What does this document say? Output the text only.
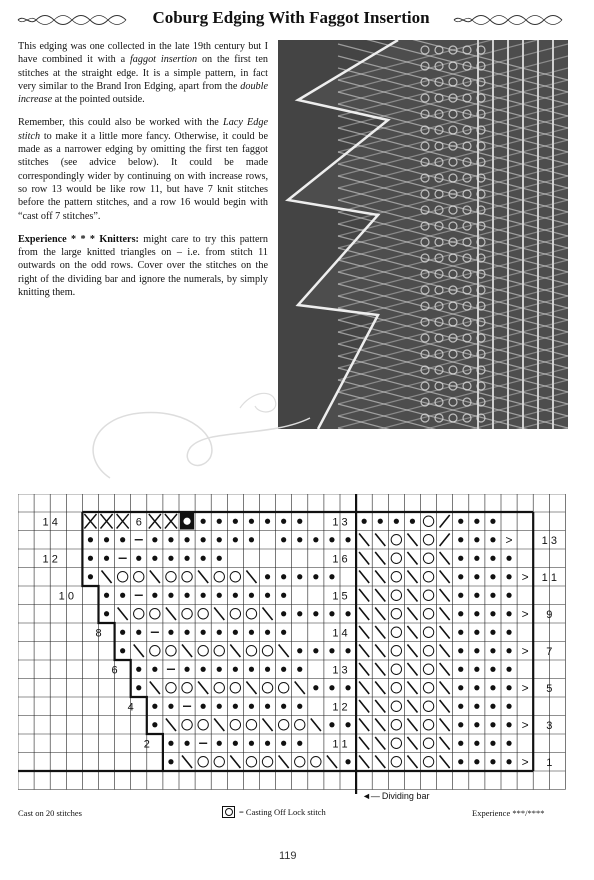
Coburg Edging With Faggot Insertion

This edging was one collected in the late 19th century but I have combined it with a faggot insertion on the first ten stitches at the straight edge. It is a simple pattern, in fact very similar to the Brand Iron Edging, apart from the double increase at the pointed outside.

Remember, this could also be worked with the Lacy Edge stitch to make it a little more fancy. Otherwise, it could be made as a narrower edging by omitting the first ten faggot stitches (see advice below). It could be made correspondingly wider by continuing on with increase rows, so row 13 would be like row 11, but have 7 knit stitches before the pattern stitches, and a row 16 would begin with “cast off 7 stitches”.

Experience * * * Knitters: might care to try this pattern from the large knitted triangles on – i.e. from stitch 11 outwards on the odd rows. Cover over the stitches on the right of the dividing bar and ignore the numerals, by simply knitting them.

>
>
>
>
>
>
>
1 4
1 2
1 0
8
6
4
2
1 3
1 6
1 5
1 4
1 3
1 2
1 1
1 3
1 1
9
7
5
3
1
6
◄— Dividing bar
Cast on 20 stitches	= Casting Off Lock stitch	Experience ***/****
119
